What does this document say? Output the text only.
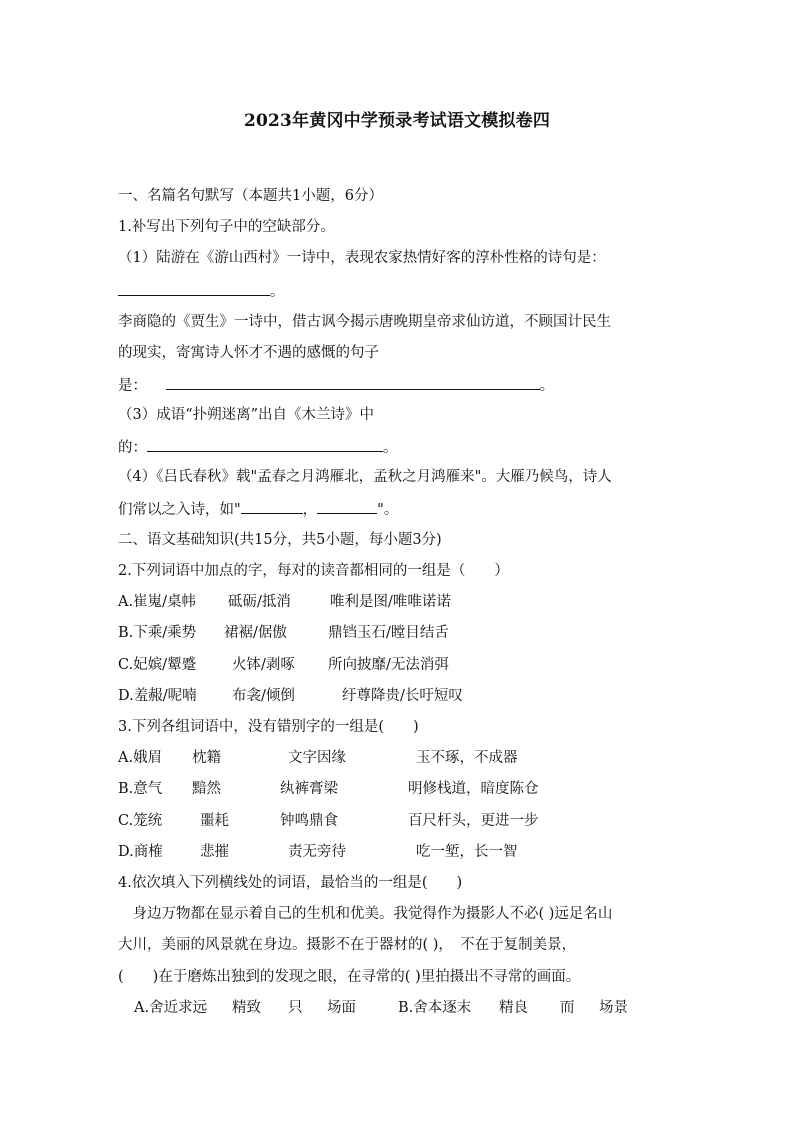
2023年黄冈中学预录考试语文模拟卷四
一、名篇名句默写（本题共1小题，6分）
1.补写出下列句子中的空缺部分。
（1）陆游在《游山西村》一诗中，表现农家热情好客的淳朴性格的诗句是：
。
李商隐的《贾生》一诗中，借古讽今揭示唐晚期皇帝求仙访道，不顾国计民生
的现实，寄寓诗人怀才不遇的感慨的句子
是：	。
（3）成语“扑朔迷离”出自《木兰诗》中
的：	。
（4）《吕氏春秋》载"孟春之月鸿雁北，孟秋之月鸿雁来"。大雁乃候鸟，诗人
们常以之入诗，如"	，	"。
二、语文基础知识(共15分，共5小题，每小题3分)
2.下列词语中加点的字，每对的读音都相同的一组是（　　）
A.崔嵬/桌帏 砥砺/抵消	唯利是图/唯唯诺诺
B.下乘/乘势 裙裾/倨傲	鼎铛玉石/瞠目结舌
C.妃嫔/颦蹙 火钵/剥啄 所向披靡/无法消弭
D.羞赧/呢喃 布衾/倾倒	纡尊降贵/长吁短叹
3.下列各组词语中，没有错别字的一组是(　　)
A.娥眉 枕籍	文字因缘	玉不琢，不成器
B.意气 黯然	纨裤膏梁	明修栈道，暗度陈仓
C.笼统	噩耗	钟鸣鼎食	百尺杆头，更进一步
D.商榷	悲摧	责无旁待	吃一堑，长一智
4.依次填入下列横线处的词语，最恰当的一组是(　　)
　身边万物都在显示着自己的生机和优美。我觉得作为摄影人不必( )远足名山
大川，美丽的风景就在身边。摄影不在于器材的( )，　不在于复制美景，
(　　)在于磨炼出独到的发现之眼，在寻常的( )里拍摄出不寻常的画面。
A.舍近求远 精致 只 场面	B.舍本逐末 精良 而 场景
